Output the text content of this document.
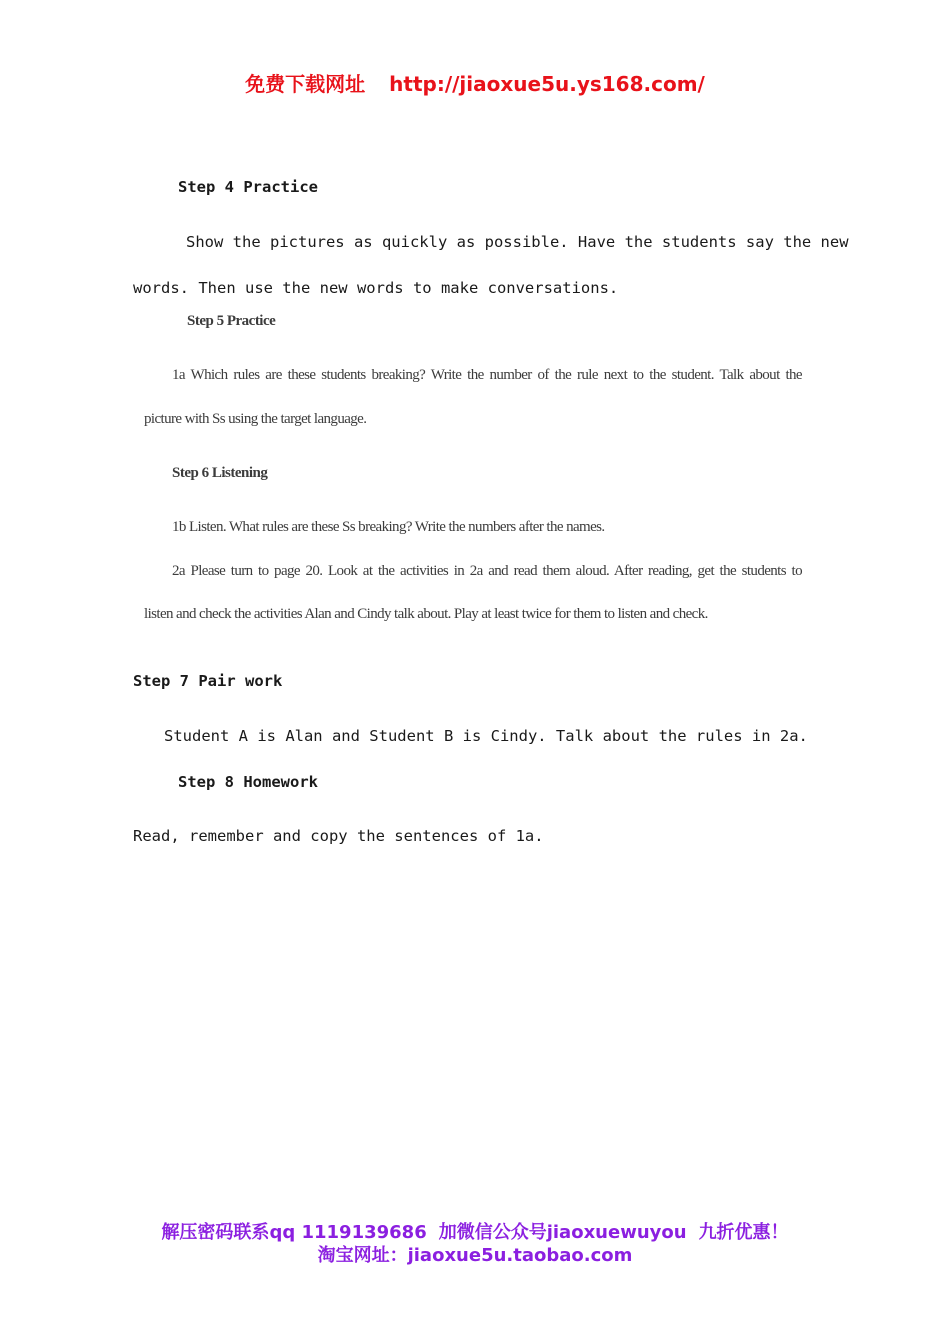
免费下载网址 http://jiaoxue5u.ys168.com/
Step 4 Practice
Show the pictures as quickly as possible. Have the students say the new
words. Then use the new words to make conversations.
Step 5 Practice
1a Which rules are these students breaking? Write the number of the rule next to the student. Talk about the
picture with Ss using the target language.
Step 6 Listening
1b Listen. What rules are these Ss breaking? Write the numbers after the names.
2a Please turn to page 20. Look at the activities in 2a and read them aloud. After reading, get the students to
listen and check the activities Alan and Cindy talk about. Play at least twice for them to listen and check.
Step 7 Pair work
Student A is Alan and Student B is Cindy. Talk about the rules in 2a.
Step 8 Homework
Read, remember and copy the sentences of 1a.
解压密码联系qq 1119139686 加微信公众号jiaoxuewuyou 九折优惠！
淘宝网址：jiaoxue5u.taobao.com
